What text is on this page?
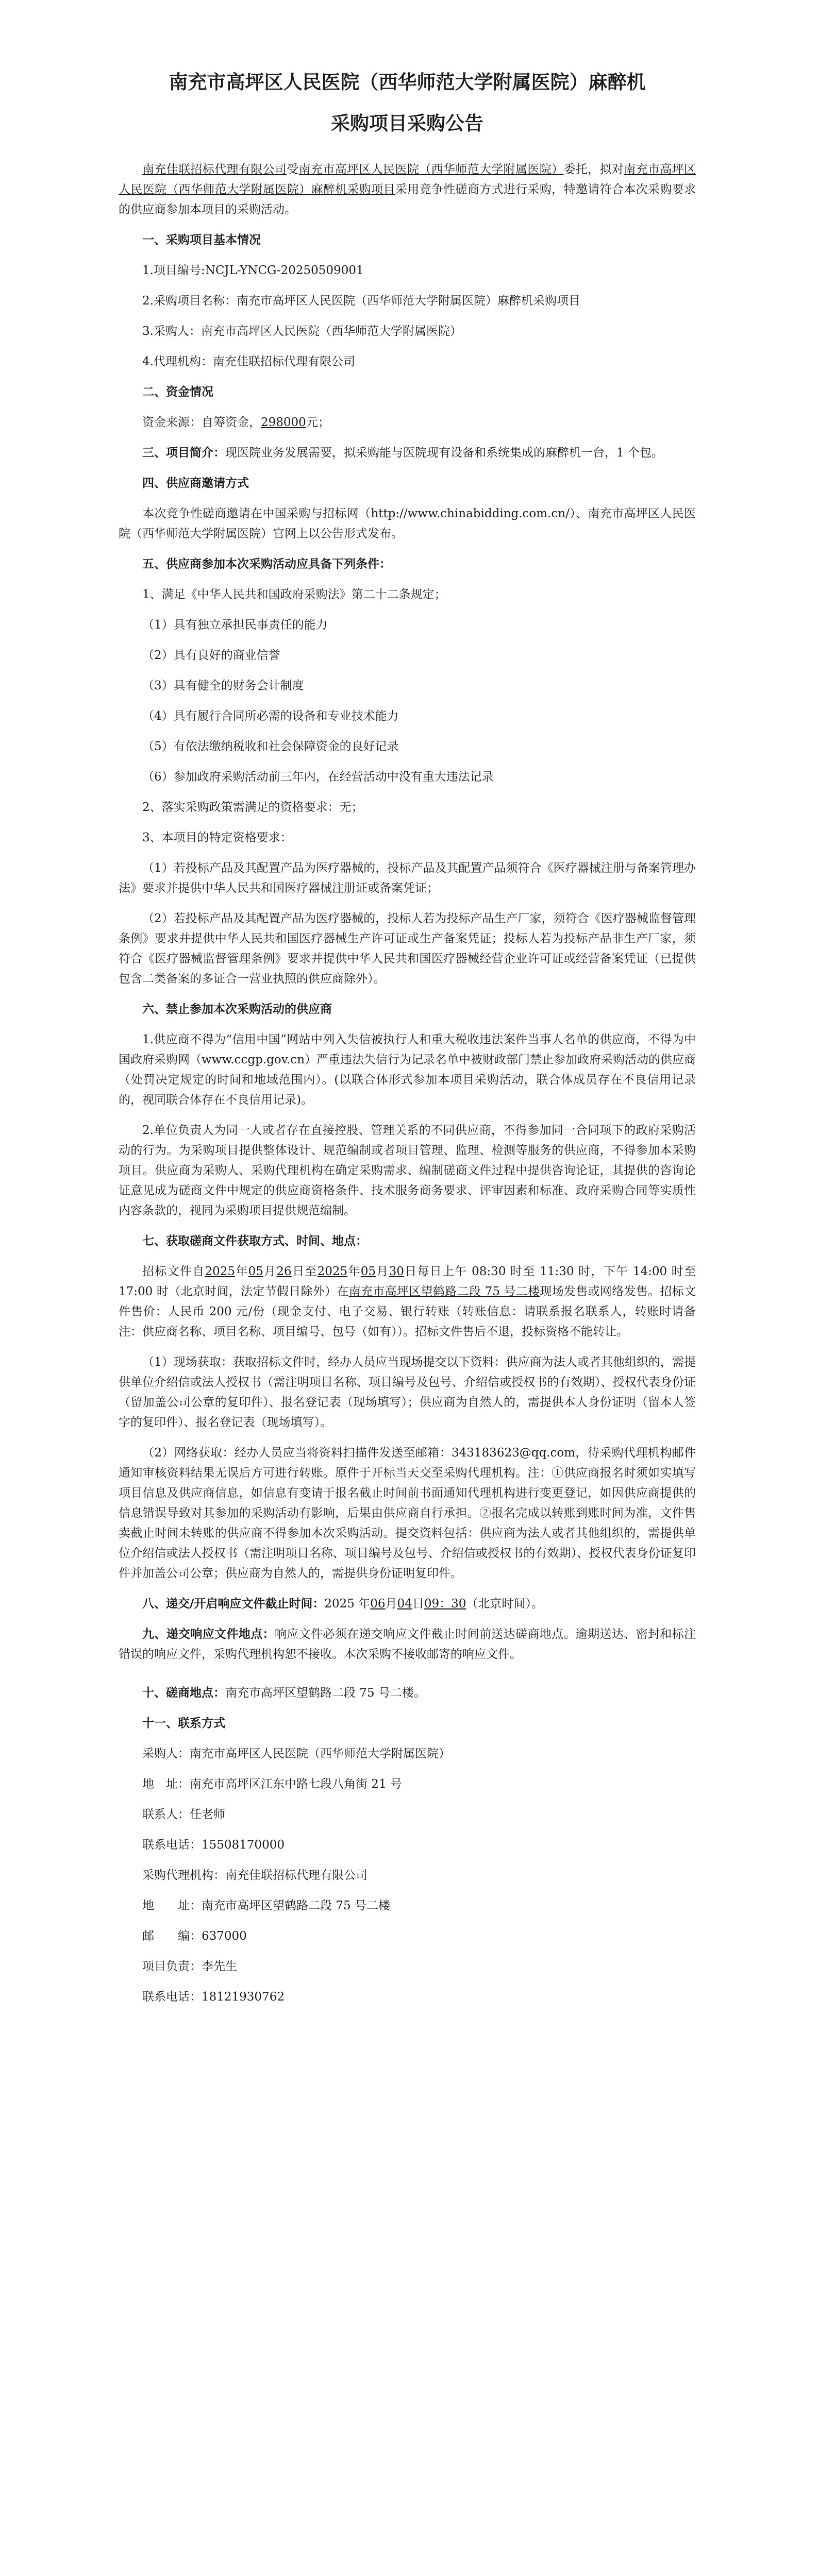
南充市高坪区人民医院（西华师范大学附属医院）麻醉机

采购项目采购公告

南充佳联招标代理有限公司受南充市高坪区人民医院（西华师范大学附属医院）委托，拟对南充市高坪区人民医院（西华师范大学附属医院）麻醉机采购项目采用竞争性磋商方式进行采购，特邀请符合本次采购要求的供应商参加本项目的采购活动。

一、采购项目基本情况

1.项目编号:NCJL-YNCG-20250509001

2.采购项目名称：南充市高坪区人民医院（西华师范大学附属医院）麻醉机采购项目

3.采购人：南充市高坪区人民医院（西华师范大学附属医院）

4.代理机构：南充佳联招标代理有限公司

二、资金情况

资金来源：自筹资金，298000元；

三、项目简介：现医院业务发展需要，拟采购能与医院现有设备和系统集成的麻醉机一台，1 个包。

四、供应商邀请方式

本次竞争性磋商邀请在中国采购与招标网（http://www.chinabidding.com.cn/）、南充市高坪区人民医院（西华师范大学附属医院）官网上以公告形式发布。

五、供应商参加本次采购活动应具备下列条件：

1、满足《中华人民共和国政府采购法》第二十二条规定；

（1）具有独立承担民事责任的能力

（2）具有良好的商业信誉

（3）具有健全的财务会计制度

（4）具有履行合同所必需的设备和专业技术能力

（5）有依法缴纳税收和社会保障资金的良好记录

（6）参加政府采购活动前三年内，在经营活动中没有重大违法记录

2、落实采购政策需满足的资格要求：无；

3、本项目的特定资格要求：

（1）若投标产品及其配置产品为医疗器械的，投标产品及其配置产品须符合《医疗器械注册与备案管理办法》要求并提供中华人民共和国医疗器械注册证或备案凭证；

（2）若投标产品及其配置产品为医疗器械的，投标人若为投标产品生产厂家，须符合《医疗器械监督管理条例》要求并提供中华人民共和国医疗器械生产许可证或生产备案凭证；投标人若为投标产品非生产厂家，须符合《医疗器械监督管理条例》要求并提供中华人民共和国医疗器械经营企业许可证或经营备案凭证（已提供包含二类备案的多证合一营业执照的供应商除外）。

六、禁止参加本次采购活动的供应商

1.供应商不得为“信用中国”网站中列入失信被执行人和重大税收违法案件当事人名单的供应商，不得为中国政府采购网（www.ccgp.gov.cn）严重违法失信行为记录名单中被财政部门禁止参加政府采购活动的供应商（处罚决定规定的时间和地域范围内）。(以联合体形式参加本项目采购活动，联合体成员存在不良信用记录的，视同联合体存在不良信用记录)。

2.单位负责人为同一人或者存在直接控股、管理关系的不同供应商，不得参加同一合同项下的政府采购活动的行为。为采购项目提供整体设计、规范编制或者项目管理、监理、检测等服务的供应商，不得参加本采购项目。供应商为采购人、采购代理机构在确定采购需求、编制磋商文件过程中提供咨询论证，其提供的咨询论证意见成为磋商文件中规定的供应商资格条件、技术服务商务要求、评审因素和标准、政府采购合同等实质性内容条款的，视同为采购项目提供规范编制。

七、获取磋商文件获取方式、时间、地点：

招标文件自2025年05月26日至2025年05月30日每日上午 08:30 时至 11:30 时，下午 14:00 时至 17:00 时（北京时间，法定节假日除外）在南充市高坪区望鹤路二段 75 号二楼现场发售或网络发售。招标文件售价：人民币 200 元/份（现金支付、电子交易、银行转账（转账信息：请联系报名联系人，转账时请备注：供应商名称、项目名称、项目编号、包号（如有））。招标文件售后不退，投标资格不能转让。

（1）现场获取：获取招标文件时，经办人员应当现场提交以下资料：供应商为法人或者其他组织的，需提供单位介绍信或法人授权书（需注明项目名称、项目编号及包号、介绍信或授权书的有效期）、授权代表身份证（留加盖公司公章的复印件）、报名登记表（现场填写）；供应商为自然人的，需提供本人身份证明（留本人签字的复印件）、报名登记表（现场填写）。

（2）网络获取：经办人员应当将资料扫描件发送至邮箱：343183623@qq.com，待采购代理机构邮件通知审核资料结果无误后方可进行转账。原件于开标当天交至采购代理机构。注：①供应商报名时须如实填写项目信息及供应商信息，如信息有变请于报名截止时间前书面通知代理机构进行变更登记，如因供应商提供的信息错误导致对其参加的采购活动有影响，后果由供应商自行承担。②报名完成以转账到账时间为准，文件售卖截止时间未转账的供应商不得参加本次采购活动。提交资料包括：供应商为法人或者其他组织的，需提供单位介绍信或法人授权书（需注明项目名称、项目编号及包号、介绍信或授权书的有效期）、授权代表身份证复印件并加盖公司公章；供应商为自然人的，需提供身份证明复印件。

八、递交/开启响应文件截止时间：2025 年06月04日09：30（北京时间）。

九、递交响应文件地点：响应文件必须在递交响应文件截止时间前送达磋商地点。逾期送达、密封和标注错误的响应文件，采购代理机构恕不接收。本次采购不接收邮寄的响应文件。

十、磋商地点：南充市高坪区望鹤路二段 75 号二楼。

十一、联系方式

采购人：南充市高坪区人民医院（西华师范大学附属医院）

地　址：南充市高坪区江东中路七段八角街 21 号

联系人：任老师

联系电话：15508170000

采购代理机构：南充佳联招标代理有限公司

地　　址：南充市高坪区望鹤路二段 75 号二楼

邮　　编：637000

项目负责：李先生

联系电话：18121930762
